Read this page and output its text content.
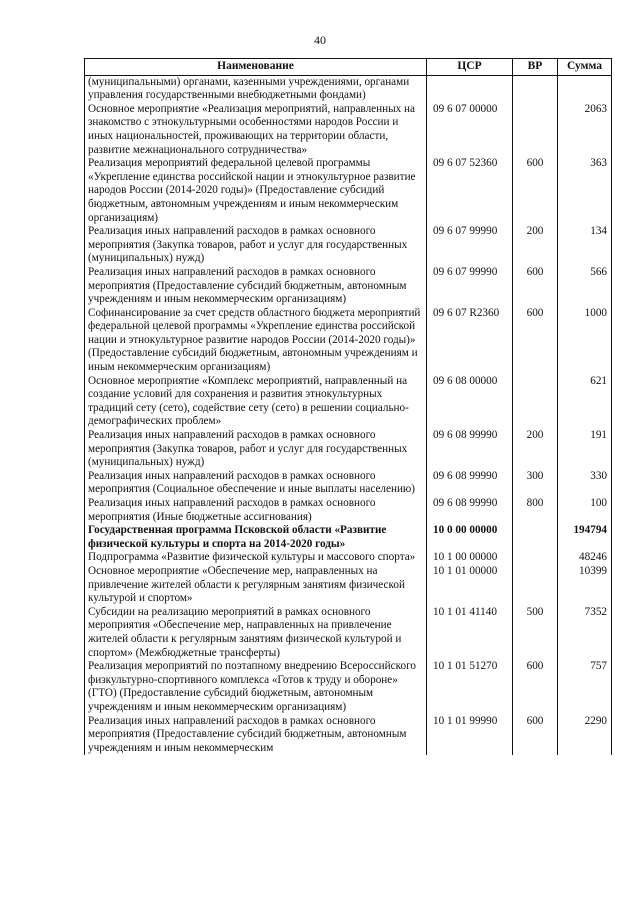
40
Наименование	ЦСР	ВР	Сумма
(муниципальными) органами, казенными учреждениями, органами управления государственными внебюджетными фондами)			
Основное мероприятие «Реализация мероприятий, направленных на знакомство с этнокультурными особенностями народов России и иных национальностей, проживающих на территории области, развитие межнационального сотрудничества»	09 6 07 00000		2063
Реализация мероприятий федеральной целевой программы «Укрепление единства российской нации и этнокультурное развитие народов России (2014-2020 годы)» (Предоставление субсидий бюджетным, автономным учреждениям и иным некоммерческим организациям)	09 6 07 52360	600	363
Реализация иных направлений расходов в рамках основного мероприятия (Закупка товаров, работ и услуг для государственных (муниципальных) нужд)	09 6 07 99990	200	134
Реализация иных направлений расходов в рамках основного мероприятия (Предоставление субсидий бюджетным, автономным учреждениям и иным некоммерческим организациям)	09 6 07 99990	600	566
Софинансирование за счет средств областного бюджета мероприятий федеральной целевой программы «Укрепление единства российской нации и этнокультурное развитие народов России (2014-2020 годы)» (Предоставление субсидий бюджетным, автономным учреждениям и иным некоммерческим организациям)	09 6 07 R2360	600	1000
Основное мероприятие «Комплекс мероприятий, направленный на создание условий для сохранения и развития этнокультурных традиций сету (сето), содействие сету (сето) в решении социально-демографических проблем»	09 6 08 00000		621
Реализация иных направлений расходов в рамках основного мероприятия (Закупка товаров, работ и услуг для государственных (муниципальных) нужд)	09 6 08 99990	200	191
Реализация иных направлений расходов в рамках основного мероприятия (Социальное обеспечение и иные выплаты населению)	09 6 08 99990	300	330
Реализация иных направлений расходов в рамках основного мероприятия (Иные бюджетные ассигнования)	09 6 08 99990	800	100
Государственная программа Псковской области «Развитие физической культуры и спорта на 2014-2020 годы»	10 0 00 00000		194794
Подпрограмма «Развитие физической культуры и массового спорта»	10 1 00 00000		48246
Основное мероприятие «Обеспечение мер, направленных на привлечение жителей области к регулярным занятиям физической культурой и спортом»	10 1 01 00000		10399
Субсидии на реализацию мероприятий в рамках основного мероприятия «Обеспечение мер, направленных на привлечение жителей области к регулярным занятиям физической культурой и спортом» (Межбюджетные трансферты)	10 1 01 41140	500	7352
Реализация мероприятий по поэтапному внедрению Всероссийского физкультурно-спортивного комплекса «Готов к труду и обороне» (ГТО) (Предоставление субсидий бюджетным, автономным учреждениям и иным некоммерческим организациям)	10 1 01 51270	600	757
Реализация иных направлений расходов в рамках основного мероприятия (Предоставление субсидий бюджетным, автономным учреждениям и иным некоммерческим	10 1 01 99990	600	2290
